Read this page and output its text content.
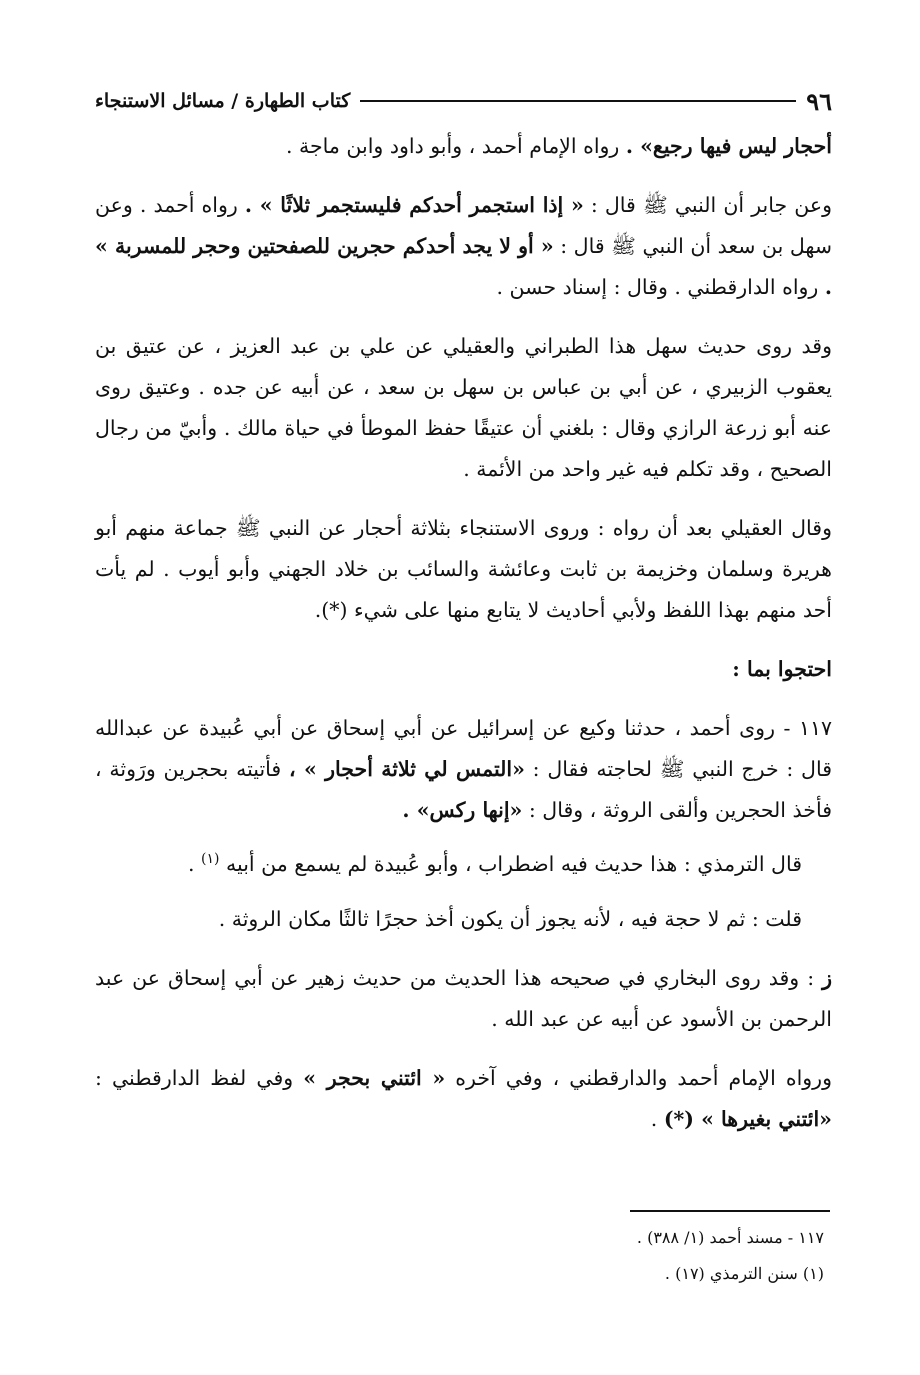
٩٦
كتاب الطهارة / مسائل الاستنجاء

أحجار ليس فيها رجيع» . رواه الإمام أحمد ، وأبو داود وابن ماجة .

وعن جابر أن النبي ﷺ قال : « إذا استجمر أحدكم فليستجمر ثلاثًا » . رواه أحمد . وعن سهل بن سعد أن النبي ﷺ قال : « أو لا يجد أحدكم حجرين للصفحتين وحجر للمسربة » . رواه الدارقطني . وقال : إسناد حسن .

وقد روى حديث سهل هذا الطبراني والعقيلي عن علي بن عبد العزيز ، عن عتيق بن يعقوب الزبيري ، عن أبي بن عباس بن سهل بن سعد ، عن أبيه عن جده . وعتيق روى عنه أبو زرعة الرازي وقال : بلغني أن عتيقًا حفظ الموطأ في حياة مالك . وأبيّ من رجال الصحيح ، وقد تكلم فيه غير واحد من الأئمة .

وقال العقيلي بعد أن رواه : وروى الاستنجاء بثلاثة أحجار عن النبي ﷺ جماعة منهم أبو هريرة وسلمان وخزيمة بن ثابت وعائشة والسائب بن خلاد الجهني وأبو أيوب . لم يأت أحد منهم بهذا اللفظ ولأبي أحاديث لا يتابع منها على شيء (*).

احتجوا بما :

١١٧ - روى أحمد ، حدثنا وكيع عن إسرائيل عن أبي إسحاق عن أبي عُبيدة عن عبدالله قال : خرج النبي ﷺ لحاجته فقال : «التمس لي ثلاثة أحجار » ، فأتيته بحجرين ورَوثة ، فأخذ الحجرين وألقى الروثة ، وقال : «إنها ركس» .

قال الترمذي : هذا حديث فيه اضطراب ، وأبو عُبيدة لم يسمع من أبيه $^{(١)}$ .

قلت : ثم لا حجة فيه ، لأنه يجوز أن يكون أخذ حجرًا ثالثًا مكان الروثة .

ز : وقد روى البخاري في صحيحه هذا الحديث من حديث زهير عن أبي إسحاق عن عبد الرحمن بن الأسود عن أبيه عن عبد الله .

ورواه الإمام أحمد والدارقطني ، وفي آخره « ائتني بحجر » وفي لفظ الدارقطني : «ائتني بغيرها » (*) .

١١٧ - مسند أحمد (١/ ٣٨٨) .
(١) سنن الترمذي (١٧) .
